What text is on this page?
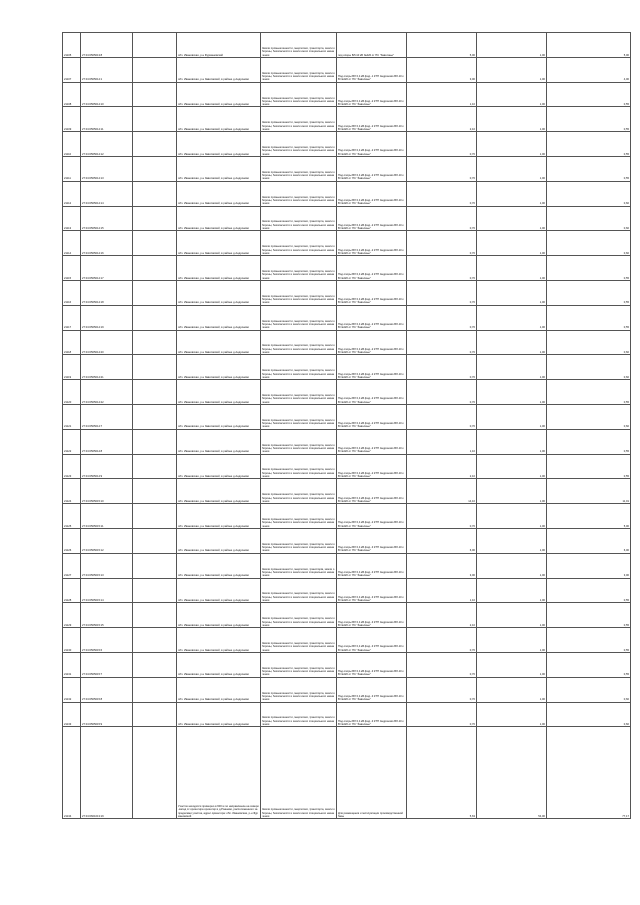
21105	27:04:0505013:8		обл. Ивановская, р-н Фурмановский	Земли промышленности, энергетики, транспорта, земли обороны, безопасности и земли иного специального назначения	под опоры ВЛ-10 кВ №420 от ПС "Заволжье"	5,00	1,00	5,00
21107	27:04:0505014:1		обл. Ивановская, р-н Заволжский, в районе д.Андроново	Земли промышленности, энергетики, транспорта, земли обороны, безопасности и земли иного специального назначения	Под опоры ВЛ 0,4 кВ фид.-1 КТП Андроново ВЛ-10 кВ №420 от ПС "Заволжье"	3,00	1,00	4,00
21108	27:04:0505014:10		обл. Ивановская, р-н Заволжский, в районе д.Андроново	Земли промышленности, энергетики, транспорта, земли обороны, безопасности и земли иного специального назначения	Под опоры ВЛ 0,4 кВ фид.-2 КТП Андроново ВЛ-10 кВ №420 от ПС "Заволжье"	1,10	1,00	0,55
21109	27:04:0505014:11		обл. Ивановская, р-н Заволжский, в районе д.Андроново	Земли промышленности, энергетики, транспорта, земли обороны, безопасности и земли иного специального назначения	Под опоры ВЛ 0,4 кВ фид.-2 КТП Андроново ВЛ-10 кВ №420 от ПС "Заволжье"	2,10	1,00	0,55
21110	27:04:0505014:12		обл. Ивановская, р-н Заволжский, в районе д.Андроново	Земли промышленности, энергетики, транспорта, земли обороны, безопасности и земли иного специального назначения	Под опоры ВЛ 0,4 кВ фид.-2 КТП Андроново ВЛ-10 кВ №420 от ПС "Заволжье"	0,70	1,00	0,55
21111	27:04:0505014:13		обл. Ивановская, р-н Заволжский, в районе д.Андроново	Земли промышленности, энергетики, транспорта, земли обороны, безопасности и земли иного специального назначения	Под опоры ВЛ 0,4 кВ фид.-2 КТП Андроново ВЛ-10 кВ №420 от ПС "Заволжье"	0,70	1,00	0,55
21112	27:04:0505014:14		обл. Ивановская, р-н Заволжский, в районе д.Андроново	Земли промышленности, энергетики, транспорта, земли обороны, безопасности и земли иного специального назначения	Под опоры ВЛ 0,4 кВ фид.-2 КТП Андроново ВЛ-10 кВ №420 от ПС "Заволжье"	0,70	1,00	0,60
21113	27:04:0505014:15		обл. Ивановская, р-н Заволжский, в районе д.Андроново	Земли промышленности, энергетики, транспорта, земли обороны, безопасности и земли иного специального назначения	Под опоры ВЛ 0,4 кВ фид.-2 КТП Андроново ВЛ-10 кВ №420 от ПС "Заволжье"	0,70	1,00	0,60
21114	27:04:0505014:16		обл. Ивановская, р-н Заволжский, в районе д.Андроново	Земли промышленности, энергетики, транспорта, земли обороны, безопасности и земли иного специального назначения	Под опоры ВЛ 0,4 кВ фид.-2 КТП Андроново ВЛ-10 кВ №420 от ПС "Заволжье"	0,70	1,00	0,60
21115	27:04:0505014:17		обл. Ивановская, р-н Заволжский, в районе д.Андроново	Земли промышленности, энергетики, транспорта, земли обороны, безопасности и земли иного специального назначения	Под опоры ВЛ 0,4 кВ фид.-2 КТП Андроново ВЛ-10 кВ №420 от ПС "Заволжье"	0,70	1,00	0,55
21116	27:04:0505014:18		обл. Ивановская, р-н Заволжский, в районе д.Андроново	Земли промышленности, энергетики, транспорта, земли обороны, безопасности и земли иного специального назначения	Под опоры ВЛ 0,4 кВ фид.-2 КТП Андроново ВЛ-10 кВ №420 от ПС "Заволжье"	0,70	1,00	0,55
21117	27:04:0505014:19		обл. Ивановская, р-н Заволжский, в районе д.Андроново	Земли промышленности, энергетики, транспорта, земли обороны, безопасности и земли иного специального назначения	Под опоры ВЛ 0,4 кВ фид.-2 КТП Андроново ВЛ-10 кВ №420 от ПС "Заволжье"	0,70	1,00	0,55
21118	27:04:0505014:20		обл. Ивановская, р-н Заволжский, в районе д.Андроново	Земли промышленности, энергетики, транспорта, земли обороны, безопасности и земли иного специального назначения	Под опоры ВЛ 0,4 кВ фид.-2 КТП Андроново ВЛ-10 кВ №420 от ПС "Заволжье"	0,70	1,00	0,60
21119	27:04:0505014:21		обл. Ивановская, р-н Заволжский, в районе д.Андроново	Земли промышленности, энергетики, транспорта, земли обороны, безопасности и земли иного специального назначения	Под опоры ВЛ 0,4 кВ фид.-2 КТП Андроново ВЛ-10 кВ №420 от ПС "Заволжье"	0,70	1,00	0,60
21120	27:04:0505014:22		обл. Ивановская, р-н Заволжский, в районе д.Андроново	Земли промышленности, энергетики, транспорта, земли обороны, безопасности и земли иного специального назначения	Под опоры ВЛ 0,4 кВ фид.-2 КТП Андроново ВЛ-10 кВ №420 от ПС "Заволжье"	0,70	1,00	0,55
21121	27:04:0505014:7		обл. Ивановская, р-н Заволжский, в районе д.Андроново	Земли промышленности, энергетики, транспорта, земли обороны, безопасности и земли иного специального назначения	Под опоры ВЛ 0,4 кВ фид.-2 КТП Андроново ВЛ-10 кВ №420 от ПС "Заволжье"	0,70	1,00	0,60
21122	27:04:0505014:8		обл. Ивановская, р-н Заволжский, в районе д.Андроново	Земли промышленности, энергетики, транспорта, земли обороны, безопасности и земли иного специального назначения	Под опоры ВЛ 0,4 кВ фид.-2 КТП Андроново ВЛ-10 кВ №420 от ПС "Заволжье"	1,10	1,00	0,55
21123	27:04:0505014:9		обл. Ивановская, р-н Заволжский, в районе д.Андроново	Земли промышленности, энергетики, транспорта, земли обороны, безопасности и земли иного специального назначения	Под опоры ВЛ 0,4 кВ фид.-2 КТП Андроново ВЛ-10 кВ №420 от ПС "Заволжье"	2,10	1,00	0,55
21124	27:04:0505015:10		обл. Ивановская, р-н Заволжский, в районе д.Андроново	Земли промышленности, энергетики, транспорта, земли обороны, безопасности и земли иного специального назначения	Под опоры ВЛ 0,4 кВ фид.-2 КТП Андроново ВЛ-10 кВ №420 от ПС "Заволжье"	14,10	1,00	11,01
21125	27:04:0505015:11		обл. Ивановская, р-н Заволжский, в районе д.Андроново	Земли промышленности, энергетики, транспорта, земли обороны, безопасности и земли иного специального назначения	Под опоры ВЛ 0,4 кВ фид.-2 КТП Андроново ВЛ-10 кВ №420 от ПС "Заволжье"	0,70	1,00	5,00
21126	27:04:0505015:12		обл. Ивановская, р-н Заволжский, в районе д.Андроново	Земли промышленности, энергетики, транспорта, земли обороны, безопасности и земли иного специального назначения	Под опоры ВЛ 0,4 кВ фид.-3 КТП Андроново ВЛ-10 кВ №420 от ПС "Заволжье"	6,00	1,00	6,00
21127	27:04:0505015:13		обл. Ивановская, р-н Заволжский, в районе д.Андроново	Земли промышленности, энергетики, транспорta, земли обороны, безопасности и земли иного специального назначения	Под опоры ВЛ 0,4 кВ фид.-3 КТП Андроново ВЛ-10 кВ №420 от ПС "Заволжье"	3,00	1,00	3,00
21128	27:04:0505015:14		обл. Ивановская, р-н Заволжский, в районе д.Андроново	Земли промышленности, энергетики, транспорта, земли обороны, безопасности и земли иного специального назначения	Под опоры ВЛ 0,4 кВ фид.-3 КТП Андроново ВЛ-10 кВ №420 от ПС "Заволжье"	1,10	1,00	0,55
21129	27:04:0505015:15		обл. Ивановская, р-н Заволжский, в районе д.Андроново	Земли промышленности, энергетики, транспорта, земли обороны, безопасности и земли иного специального назначения	Под опоры ВЛ 0,4 кВ фид.-3 КТП Андроново ВЛ-10 кВ №420 от ПС "Заволжье"	2,10	1,00	0,55
21130	27:04:0505015:6		обл. Ивановская, р-н Заволжский, в районе д.Андроново	Земли промышленности, энергетики, транспорта, земли обороны, безопасности и земли иного специального назначения	Под опоры ВЛ 0,4 кВ фид.-3 КТП Андроново ВЛ-10 кВ №420 от ПС "Заволжье"	0,70	1,00	0,55
21131	27:04:0505015:7		обл. Ивановская, р-н Заволжский, в районе д.Андроново	Земли промышленности, энергетики, транспорта, земли обороны, безопасности и земли иного специального назначения	Под опоры ВЛ 0,4 кВ фид.-3 КТП Андроново ВЛ-10 кВ №420 от ПС "Заволжье"	0,70	1,00	0,55
21132	27:04:0505015:8		обл. Ивановская, р-н Заволжский, в районе д.Андроново	Земли промышленности, энергетики, транспорта, земли обороны, безопасности и земли иного специального назначения	Под опоры ВЛ 0,4 кВ фид.-3 КТП Андроново ВЛ-10 кВ №420 от ПС "Заволжье"	0,70	1,00	0,60
21133	27:04:0505015:9		обл. Ивановская, р-н Заволжский, в районе д.Андроново	Земли промышленности, энергетики, транспорта, земли обороны, безопасности и земли иного специального назначения	Под опоры ВЛ 0,4 кВ фид.-3 КТП Андроново ВЛ-10 кВ №420 от ПС "Заволжье"	0,70	1,00	0,60
21134	27:04:0601013:19		Участок находится примерно в 600 м по направлению на северо-запад от ориентира ориентир в д.Рожнево, расположенного за пределами участка, адрес ориентира: обл. Ивановская, р-н Фурмановский	Земли промышленности, энергетики, транспорта, земли обороны, безопасности и земли иного специального назначения	Для размещения и эксплуатации производственной базы	5,63	54,00	77,17
